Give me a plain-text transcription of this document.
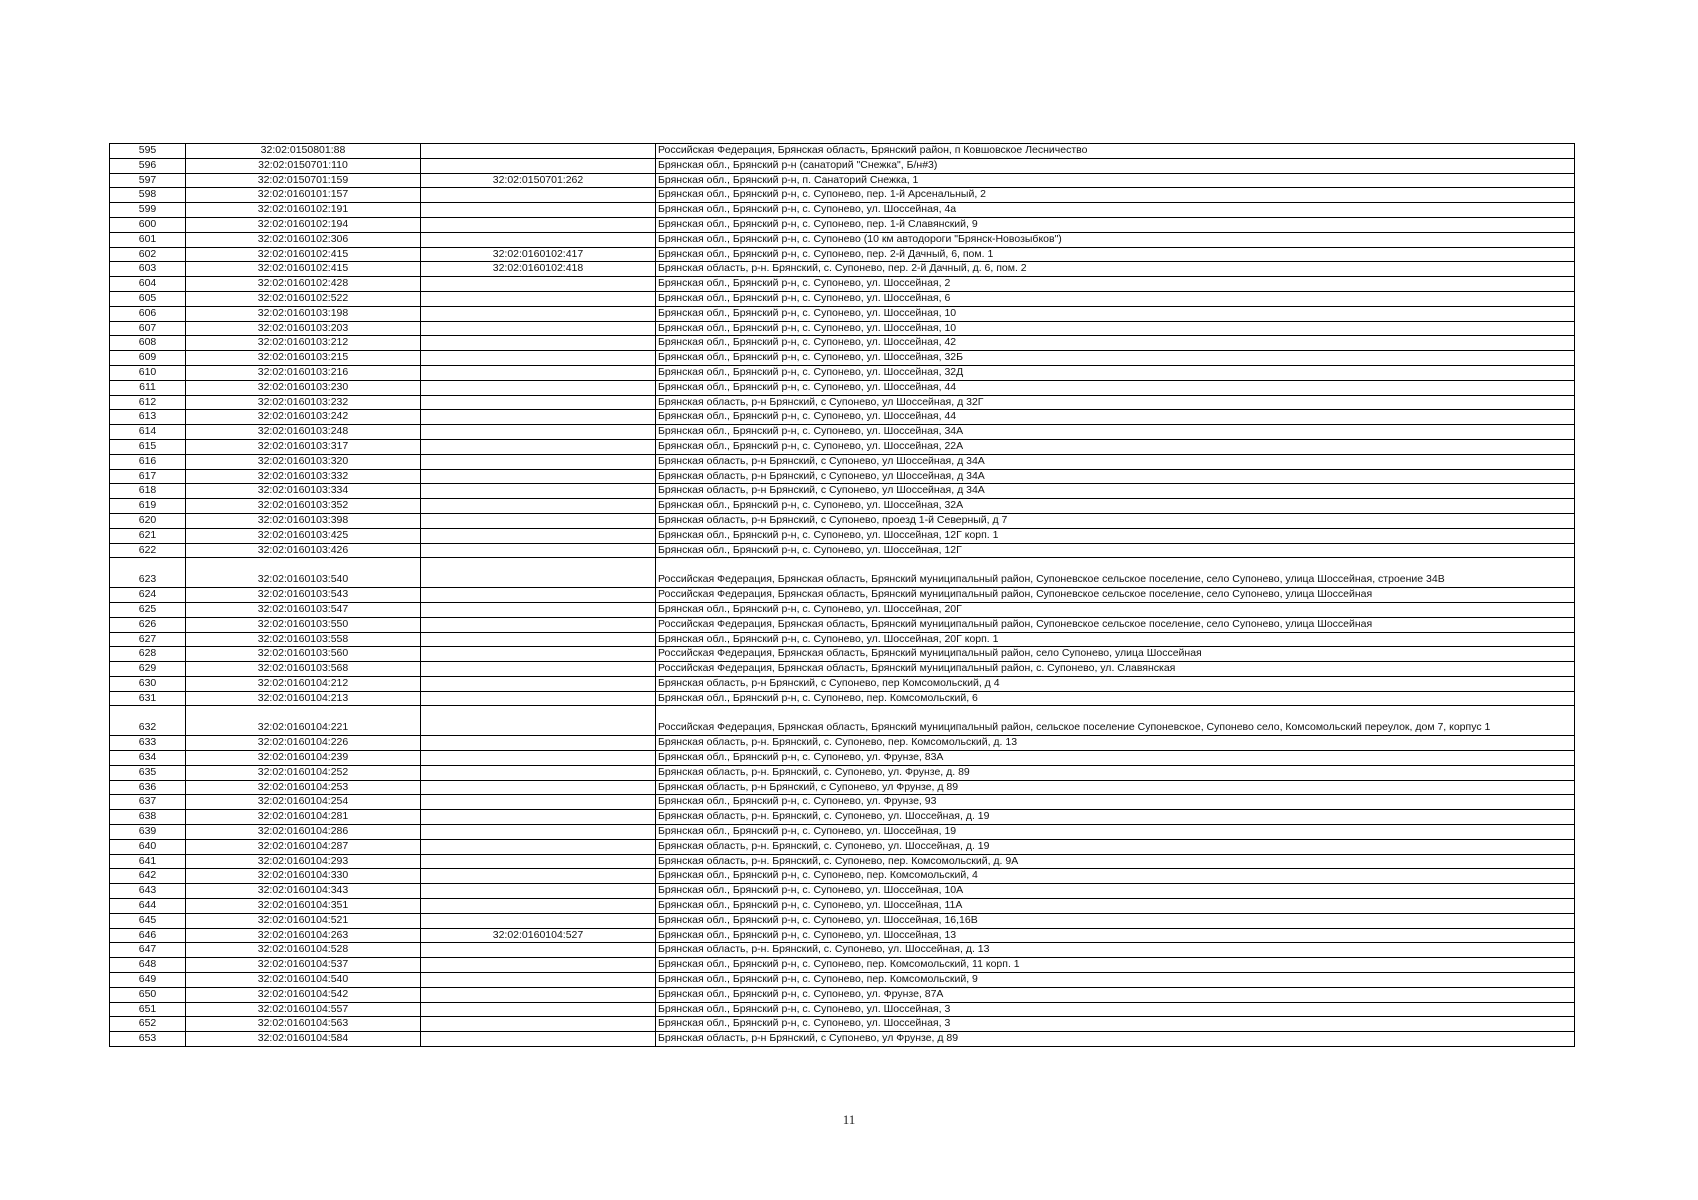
595	32:02:0150801:88		Российская Федерация, Брянская область, Брянский район, п Ковшовское Лесничество
596	32:02:0150701:110		Брянская обл., Брянский р-н (санаторий "Снежка", Б/н#3)
597	32:02:0150701:159	32:02:0150701:262	Брянская обл., Брянский р-н, п. Санаторий Снежка, 1
598	32:02:0160101:157		Брянская обл., Брянский р-н, с. Супонево, пер. 1-й Арсенальный, 2
599	32:02:0160102:191		Брянская обл., Брянский р-н, с. Супонево, ул. Шоссейная, 4а
600	32:02:0160102:194		Брянская обл., Брянский р-н, с. Супонево, пер. 1-й Славянский, 9
601	32:02:0160102:306		Брянская обл., Брянский р-н, с. Супонево (10 км автодороги "Брянск-Новозыбков")
602	32:02:0160102:415	32:02:0160102:417	Брянская обл., Брянский р-н, с. Супонево, пер. 2-й Дачный, 6, пом. 1
603	32:02:0160102:415	32:02:0160102:418	Брянская область, р-н. Брянский, с. Супонево, пер. 2-й Дачный, д. 6, пом. 2
604	32:02:0160102:428		Брянская обл., Брянский р-н, с. Супонево, ул. Шоссейная, 2
605	32:02:0160102:522		Брянская обл., Брянский р-н, с. Супонево, ул. Шоссейная, 6
606	32:02:0160103:198		Брянская обл., Брянский р-н, с. Супонево, ул. Шоссейная, 10
607	32:02:0160103:203		Брянская обл., Брянский р-н, с. Супонево, ул. Шоссейная, 10
608	32:02:0160103:212		Брянская обл., Брянский р-н, с. Супонево, ул. Шоссейная, 42
609	32:02:0160103:215		Брянская обл., Брянский р-н, с. Супонево, ул. Шоссейная, 32Б
610	32:02:0160103:216		Брянская обл., Брянский р-н, с. Супонево, ул. Шоссейная, 32Д
611	32:02:0160103:230		Брянская обл., Брянский р-н, с. Супонево, ул. Шоссейная, 44
612	32:02:0160103:232		Брянская область, р-н Брянский, с Супонево, ул Шоссейная, д 32Г
613	32:02:0160103:242		Брянская обл., Брянский р-н, с. Супонево, ул. Шоссейная, 44
614	32:02:0160103:248		Брянская обл., Брянский р-н, с. Супонево, ул. Шоссейная, 34А
615	32:02:0160103:317		Брянская обл., Брянский р-н, с. Супонево, ул. Шоссейная, 22А
616	32:02:0160103:320		Брянская область, р-н Брянский, с Супонево, ул Шоссейная, д 34А
617	32:02:0160103:332		Брянская область, р-н Брянский, с Супонево, ул Шоссейная, д 34А
618	32:02:0160103:334		Брянская область, р-н Брянский, с Супонево, ул Шоссейная, д 34А
619	32:02:0160103:352		Брянская обл., Брянский р-н, с. Супонево, ул. Шоссейная, 32А
620	32:02:0160103:398		Брянская область, р-н Брянский, с Супонево, проезд 1-й Северный, д 7
621	32:02:0160103:425		Брянская обл., Брянский р-н, с. Супонево, ул. Шоссейная, 12Г корп. 1
622	32:02:0160103:426		Брянская обл., Брянский р-н, с. Супонево, ул. Шоссейная, 12Г
623	32:02:0160103:540		Российская Федерация, Брянская область, Брянский муниципальный район, Супоневское сельское поселение, село Супонево, улица Шоссейная, строение 34В
624	32:02:0160103:543		Российская Федерация, Брянская область, Брянский муниципальный район, Супоневское сельское поселение, село Супонево, улица Шоссейная
625	32:02:0160103:547		Брянская обл., Брянский р-н, с. Супонево, ул. Шоссейная, 20Г
626	32:02:0160103:550		Российская Федерация, Брянская область, Брянский муниципальный район, Супоневское сельское поселение, село Супонево, улица Шоссейная
627	32:02:0160103:558		Брянская обл., Брянский р-н, с. Супонево, ул. Шоссейная, 20Г корп. 1
628	32:02:0160103:560		Российская Федерация, Брянская область, Брянский муниципальный район, село Супонево, улица Шоссейная
629	32:02:0160103:568		Российская Федерация, Брянская область, Брянский муниципальный район, с. Супонево, ул. Славянская
630	32:02:0160104:212		Брянская область, р-н Брянский, с Супонево, пер Комсомольский, д 4
631	32:02:0160104:213		Брянская обл., Брянский р-н, с. Супонево, пер. Комсомольский, 6
632	32:02:0160104:221		Российская Федерация, Брянская область, Брянский муниципальный район, сельское поселение Супоневское, Супонево село, Комсомольский переулок, дом 7, корпус 1
633	32:02:0160104:226		Брянская область, р-н. Брянский, с. Супонево, пер. Комсомольский, д. 13
634	32:02:0160104:239		Брянская обл., Брянский р-н, с. Супонево, ул. Фрунзе, 83А
635	32:02:0160104:252		Брянская область, р-н. Брянский, с. Супонево, ул. Фрунзе, д. 89
636	32:02:0160104:253		Брянская область, р-н Брянский, с Супонево, ул Фрунзе, д 89
637	32:02:0160104:254		Брянская обл., Брянский р-н, с. Супонево, ул. Фрунзе, 93
638	32:02:0160104:281		Брянская область, р-н. Брянский, с. Супонево, ул. Шоссейная, д. 19
639	32:02:0160104:286		Брянская обл., Брянский р-н, с. Супонево, ул. Шоссейная, 19
640	32:02:0160104:287		Брянская область, р-н. Брянский, с. Супонево, ул. Шоссейная, д. 19
641	32:02:0160104:293		Брянская область, р-н. Брянский, с. Супонево, пер. Комсомольский, д. 9А
642	32:02:0160104:330		Брянская обл., Брянский р-н, с. Супонево, пер. Комсомольский, 4
643	32:02:0160104:343		Брянская обл., Брянский р-н, с. Супонево, ул. Шоссейная, 10А
644	32:02:0160104:351		Брянская обл., Брянский р-н, с. Супонево, ул. Шоссейная, 11А
645	32:02:0160104:521		Брянская обл., Брянский р-н, с. Супонево, ул. Шоссейная, 16,16В
646	32:02:0160104:263	32:02:0160104:527	Брянская обл., Брянский р-н, с. Супонево, ул. Шоссейная, 13
647	32:02:0160104:528		Брянская область, р-н. Брянский, с. Супонево, ул. Шоссейная, д. 13
648	32:02:0160104:537		Брянская обл., Брянский р-н, с. Супонево, пер. Комсомольский, 11 корп. 1
649	32:02:0160104:540		Брянская обл., Брянский р-н, с. Супонево, пер. Комсомольский, 9
650	32:02:0160104:542		Брянская обл., Брянский р-н, с. Супонево, ул. Фрунзе, 87А
651	32:02:0160104:557		Брянская обл., Брянский р-н, с. Супонево, ул. Шоссейная, 3
652	32:02:0160104:563		Брянская обл., Брянский р-н, с. Супонево, ул. Шоссейная, 3
653	32:02:0160104:584		Брянская область, р-н Брянский, с Супонево, ул Фрунзе, д 89
11
